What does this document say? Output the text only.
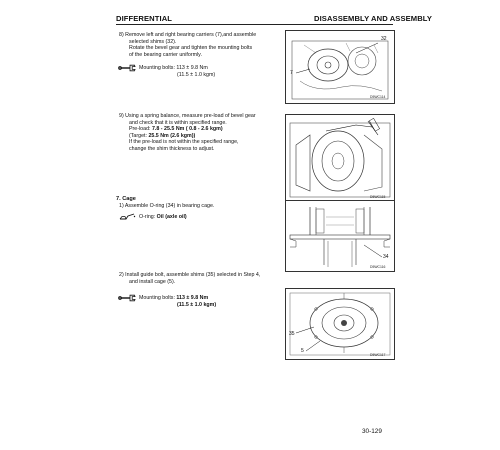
DIFFERENTIAL	DISASSEMBLY AND ASSEMBLY
8) Remove left and right bearing carriers (7),and assemble
selected shims (32).
Rotate the bevel gear and tighten the mounting bolts
of the bearing carrier uniformly.
Mounting bolts: 113 ± 9.8 Nm
(11.5 ± 1.0 kgm)
32
7
D5WC114
9) Using a spring balance, measure pre-load of bevel gear
and check that it is within specified range.
Pre-load: 7.8 - 25.5 Nm ( 0.8 - 2.6 kgm)
(Target: 25.5 Nm (2.6 kgm))
If the pre-load is not within the specified range,
change the shim thickness to adjust.
D5WC115
7. Cage
1) Assemble O-ring (34) in bearing cage.
O-ring: Oil (axle oil)
34
D5WC116
2) Install guide bolt, assemble shims (35) selected in Step 4,
and install cage (5).
Mounting bolts: 113 ± 9.8 Nm
(11.5 ± 1.0 kgm)
35
5
D5WC117
30-129
